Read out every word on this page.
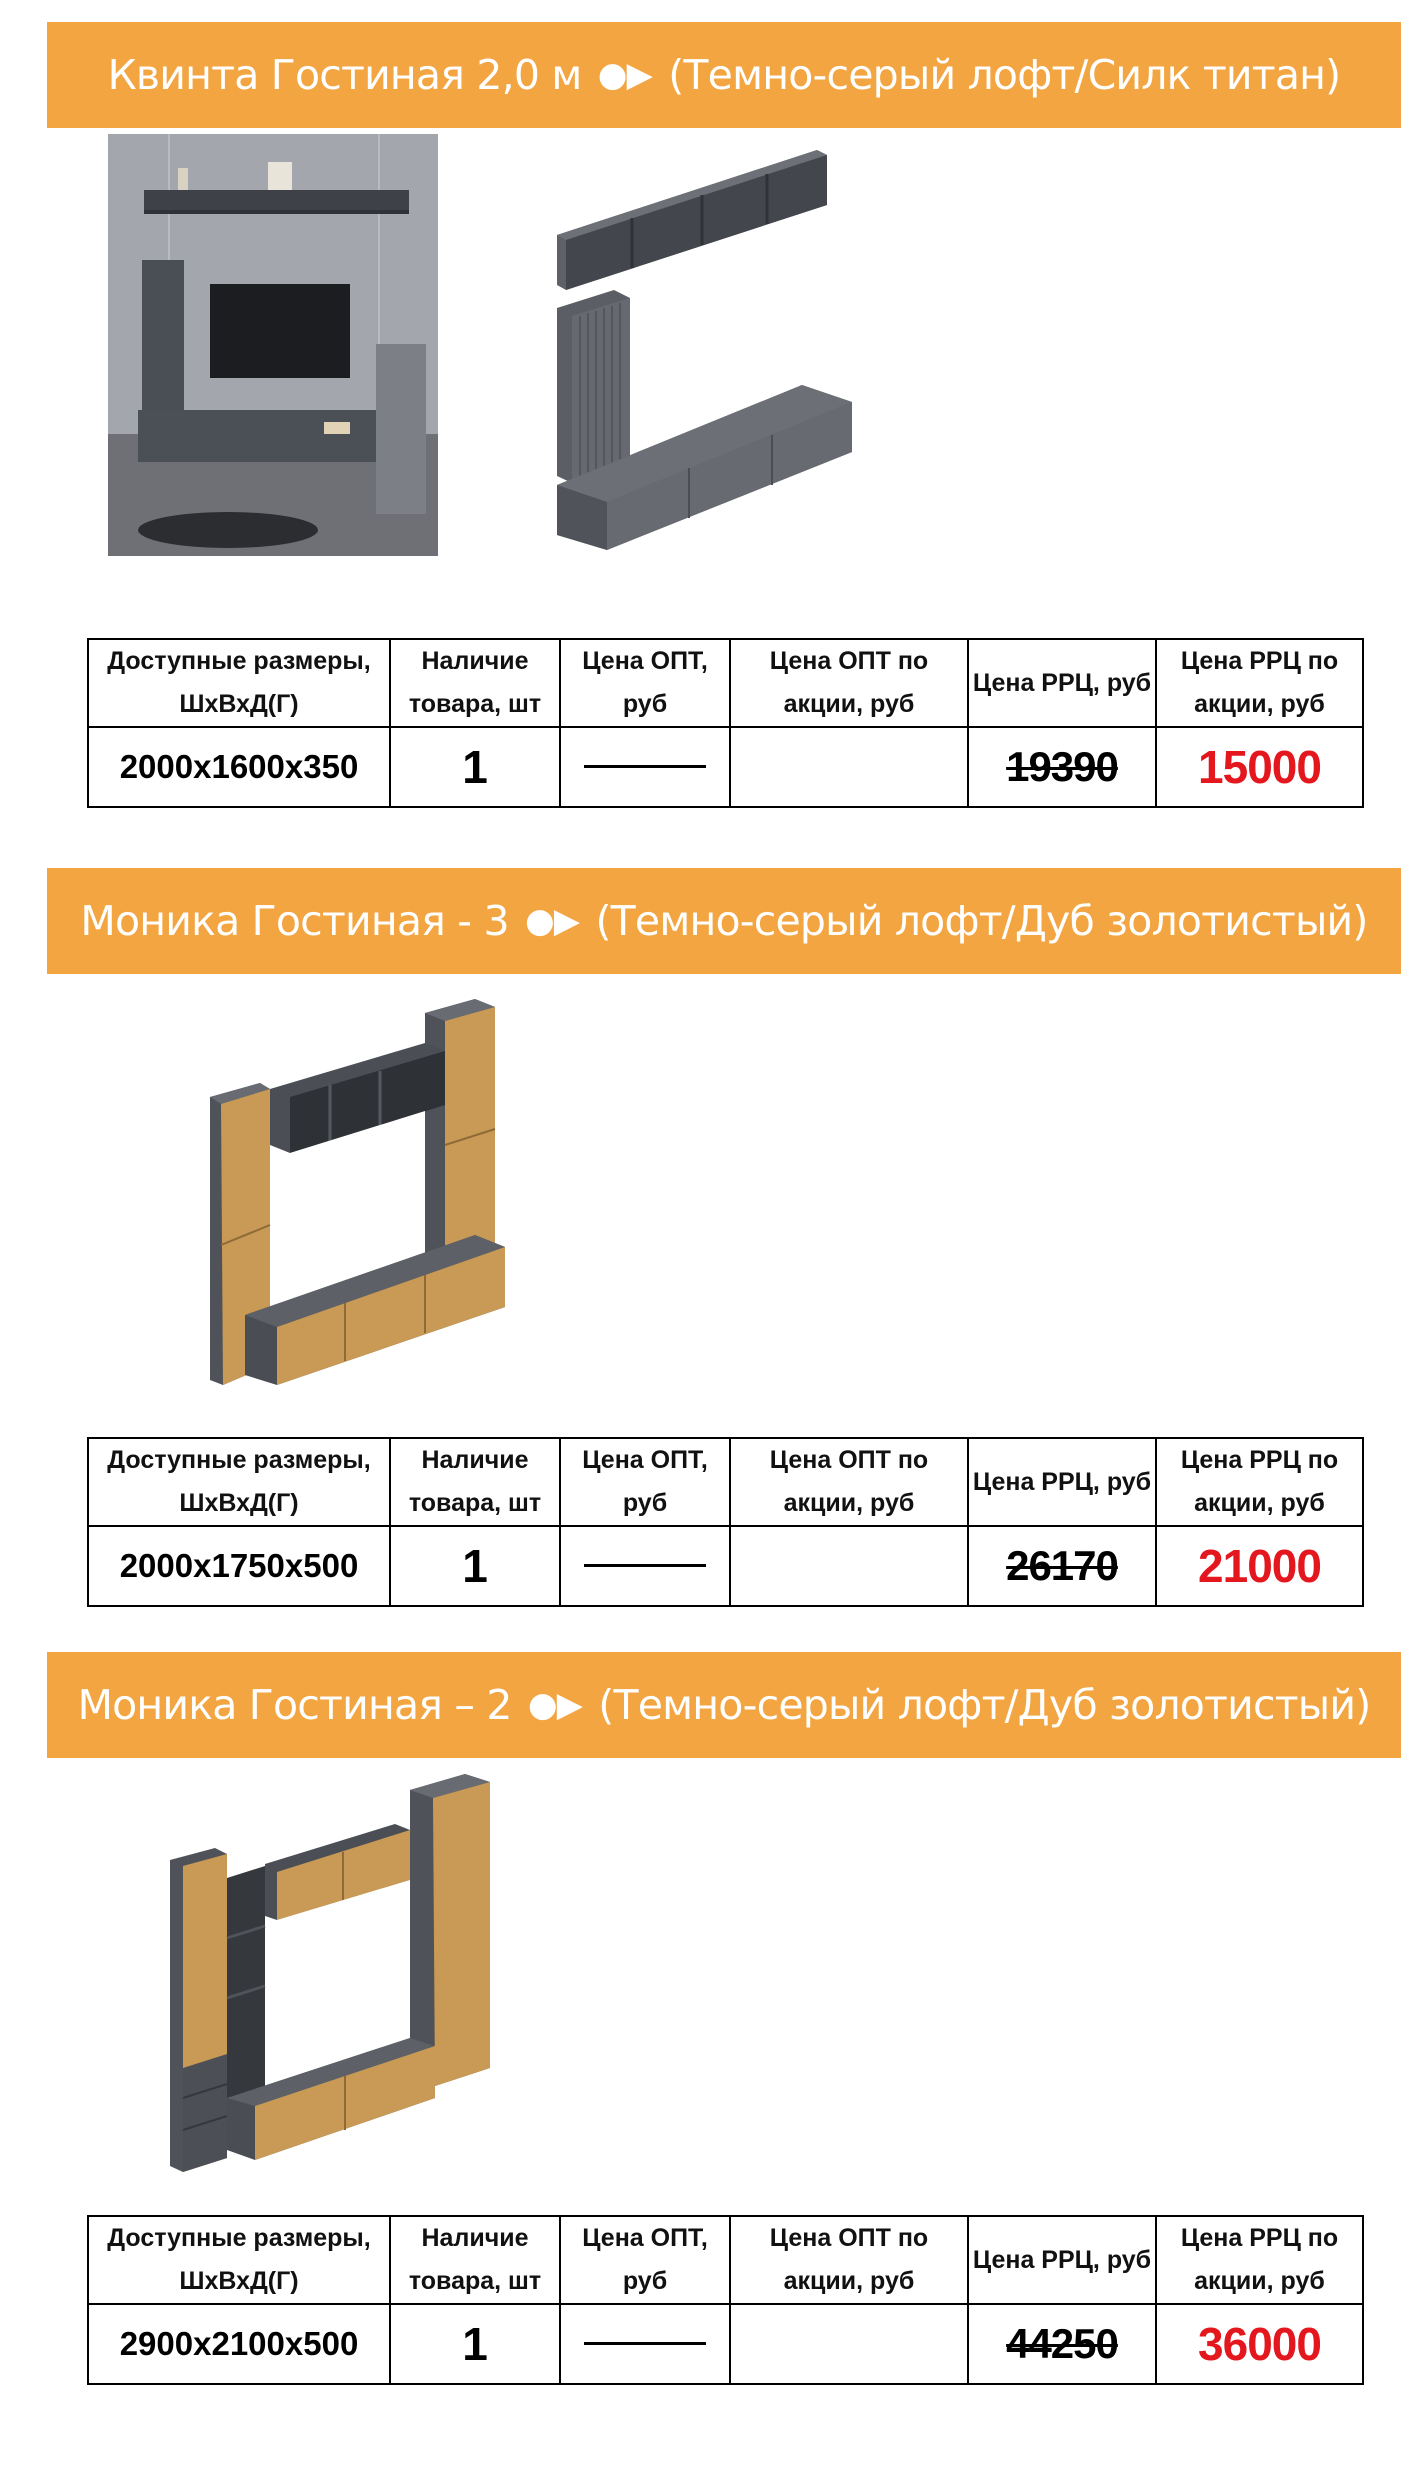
Квинта Гостиная 2,0 м
●▶
(Темно-серый лофт/Силк титан)
Доступные размеры, ШхВхД(Г)	Наличие товара, шт	Цена ОПТ, руб	Цена ОПТ по акции, руб	Цена РРЦ, руб	Цена РРЦ по акции, руб
2000х1600х350	1			19390	15000
Моника Гостиная - 3
●▶
(Темно-серый лофт/Дуб золотистый)
Доступные размеры, ШхВхД(Г)	Наличие товара, шт	Цена ОПТ, руб	Цена ОПТ по акции, руб	Цена РРЦ, руб	Цена РРЦ по акции, руб
2000х1750х500	1			26170	21000
Моника Гостиная – 2
●▶
(Темно-серый лофт/Дуб золотистый)
Доступные размеры, ШхВхД(Г)	Наличие товара, шт	Цена ОПТ, руб	Цена ОПТ по акции, руб	Цена РРЦ, руб	Цена РРЦ по акции, руб
2900х2100х500	1			44250	36000
